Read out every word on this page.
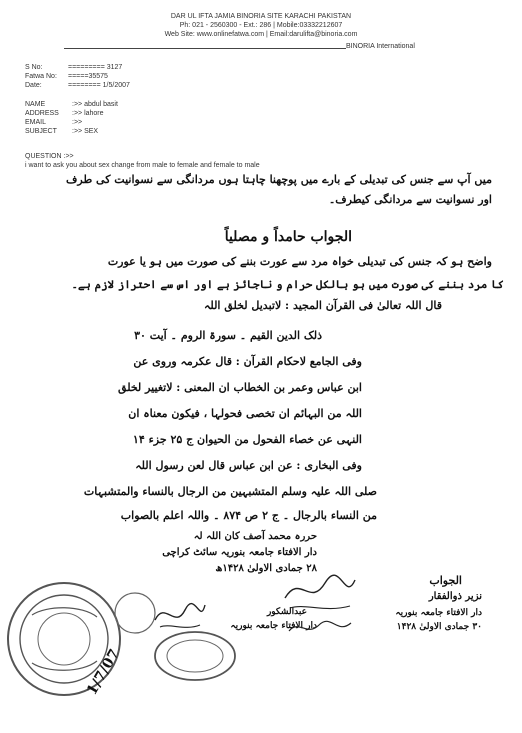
DAR UL IFTA JAMIA BINORIA SITE KARACHI PAKISTAN
Ph: 021 - 2560300 - Ext.: 286 | Mobile:03332212607
Web Site: www.onlinefatwa.com | Email:darulifta@binoria.com
BINORIA International
S No:	========= 3127
Fatwa No: =====35575
Date:	======== 1/5/2007
NAME	:>> abdul basit
ADDRESS :>> lahore
EMAIL	:>>
SUBJECT :>> SEX
QUESTION :>>
i want to ask you about sex change from male to female and female to male
میں آپ سے جنس کی تبدیلی کے بارے میں پوچھنا چاہتا ہوں مردانگی سے نسوانیت کی طرف
اور نسوانیت سے مردانگی کیطرف۔
الجواب حامداً و مصلیاً
واضح ہو کہ جنس کی تبدیلی خواہ مرد سے عورت بننے کی صورت میں ہو یا عورت
کا مرد بننے کی صورت میں ہو بالکل حرام و ناجائز ہے اور اس سے احتراز لازم ہے۔
قال اللہ تعالیٰ فی القرآن المجید : لاتبدیل لخلق اللہ
ذلک الدین القیم ۔ سورۃ الروم ۔ آیت ۳۰
وفی الجامع لاحکام القرآن : قال عکرمہ وروی عن
ابن عباس وعمر بن الخطاب ان المعنی : لاتغییر لخلق
اللہ من البہائم ان تخصی فحولہا ، فیکون معناہ ان
النہی عن خصاء الفحول من الحیوان ج ۲۵ جزء ۱۴
وفی البخاری : عن ابن عباس قال لعن رسول اللہ
صلی اللہ علیہ وسلم المتشبہین من الرجال بالنساء والمتشبہات
من النساء بالرجال ۔ ج ۲ ص ۸۷۴ ۔ واللہ اعلم بالصواب
حررہ محمد آصف کان اللہ لہ
دار الافتاء جامعہ بنوریہ سائٹ کراچی
۲۸ جمادی الاولیٰ ۱۴۲۸ھ
الجواب
نزیر ذوالفقار
دار الافتاء جامعہ بنوریہ
۳۰ جمادی الاولیٰ ۱۴۲۸
عبدالشکور
دار الافتاء جامعہ بنوریہ
1/7/07
